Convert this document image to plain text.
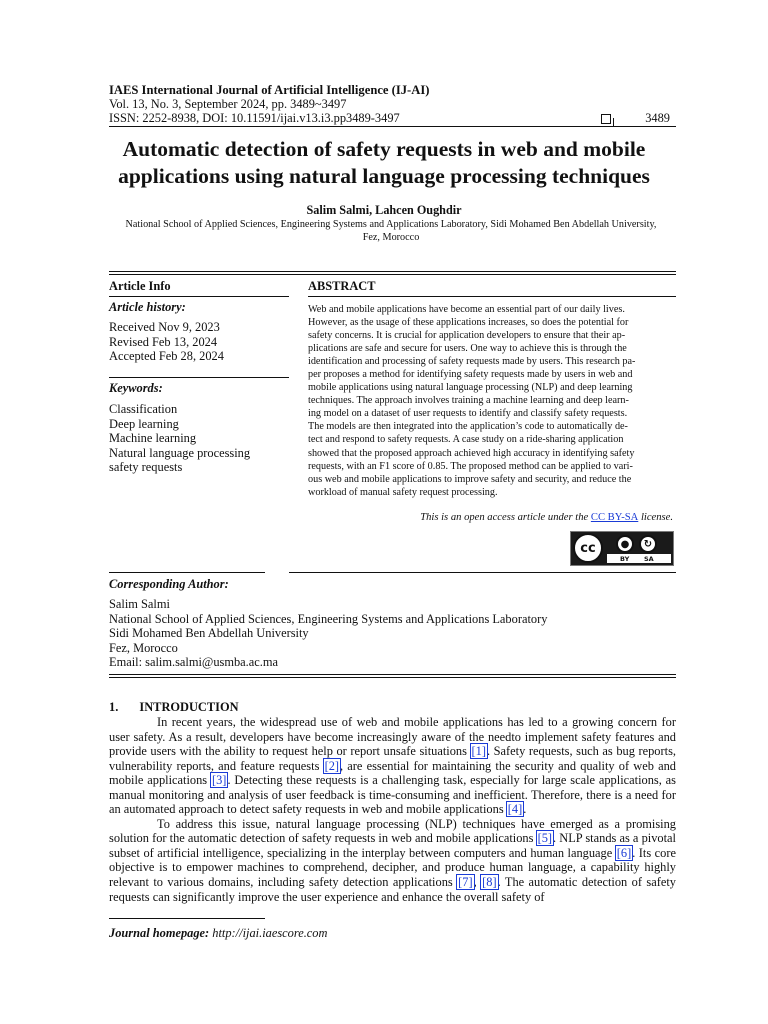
IAES International Journal of Artificial Intelligence (IJ-AI)
Vol. 13, No. 3, September 2024, pp. 3489~3497
ISSN: 2252-8938, DOI: 10.11591/ijai.v13.i3.pp3489-3497	3489
Automatic detection of safety requests in web and mobile
applications using natural language processing techniques
Salim Salmi, Lahcen Oughdir
National School of Applied Sciences, Engineering Systems and Applications Laboratory, Sidi Mohamed Ben Abdellah University,
Fez, Morocco
Article Info
Article history:
Received Nov 9, 2023
Revised Feb 13, 2024
Accepted Feb 28, 2024
Keywords:
Classification
Deep learning
Machine learning
Natural language processing
safety requests
ABSTRACT
Web and mobile applications have become an essential part of our daily lives.
However, as the usage of these applications increases, so does the potential for
safety concerns. It is crucial for application developers to ensure that their ap-
plications are safe and secure for users. One way to achieve this is through the
identification and processing of safety requests made by users. This research pa-
per proposes a method for identifying safety requests made by users in web and
mobile applications using natural language processing (NLP) and deep learning
techniques. The approach involves training a machine learning and deep learn-
ing model on a dataset of user requests to identify and classify safety requests.
The models are then integrated into the application’s code to automatically de-
tect and respond to safety requests. A case study on a ride-sharing application
showed that the proposed approach achieved high accuracy in identifying safety
requests, with an F1 score of 0.85. The proposed method can be applied to vari-
ous web and mobile applications to improve safety and security, and reduce the
workload of manual safety request processing.
This is an open access article under the CC BY-SA license.
cc	●	↻
BY SA
Corresponding Author:
Salim Salmi
National School of Applied Sciences, Engineering Systems and Applications Laboratory
Sidi Mohamed Ben Abdellah University
Fez, Morocco
Email: salim.salmi@usmba.ac.ma
1. INTRODUCTION
In recent years, the widespread use of web and mobile applications has led to a growing concern for user safety. As a result, developers have become increasingly aware of the needto implement safety features and provide users with the ability to request help or report unsafe situations [1]. Safety requests, such as bug reports, vulnerability reports, and feature requests [2], are essential for maintaining the security and quality of web and mobile applications [3]. Detecting these requests is a challenging task, especially for large scale applications, as manual monitoring and analysis of user feedback is time-consuming and inefficient. Therefore, there is a need for an automated approach to detect safety requests in web and mobile applications [4].
To address this issue, natural language processing (NLP) techniques have emerged as a promising solution for the automatic detection of safety requests in web and mobile applications [5]. NLP stands as a pivotal subset of artificial intelligence, specializing in the interplay between computers and human language [6]. Its core objective is to empower machines to comprehend, decipher, and produce human language, a capability highly relevant to various domains, including safety detection applications [7], [8]. The automatic detection of safety requests can significantly improve the user experience and enhance the overall safety of
Journal homepage: http://ijai.iaescore.com
